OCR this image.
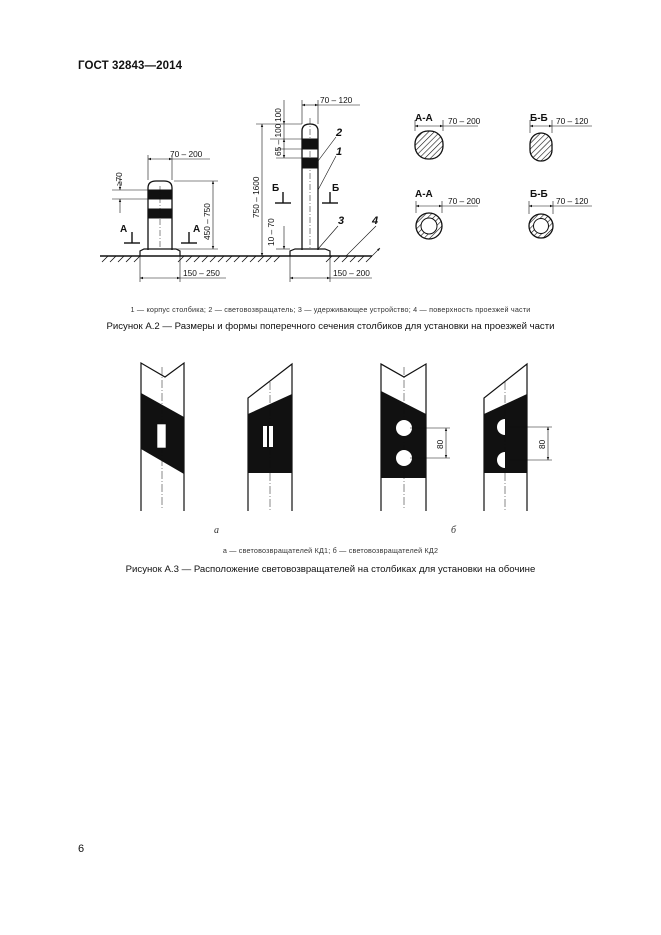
ГОСТ 32843—2014
70 – 200
70 – 120
≥70
450 – 750
750 – 1600
100
65 – 100
10 – 70
150 – 250	150 – 200
А	А
Б	Б
2
1
3	4
А-А 70 – 200	Б-Б 70 – 120
А-А
70 – 200
Б-Б
70 – 120
80	80
а	б
1 — корпус столбика; 2 — световозвращатель; 3 — удерживающее устройство; 4 — поверхность проезжей части
Рисунок А.2 — Размеры и формы поперечного сечения столбиков для установки на проезжей части
а — световозвращателей КД1; б — световозвращателей КД2
Рисунок А.3 — Расположение световозвращателей на столбиках для установки на обочине
6
